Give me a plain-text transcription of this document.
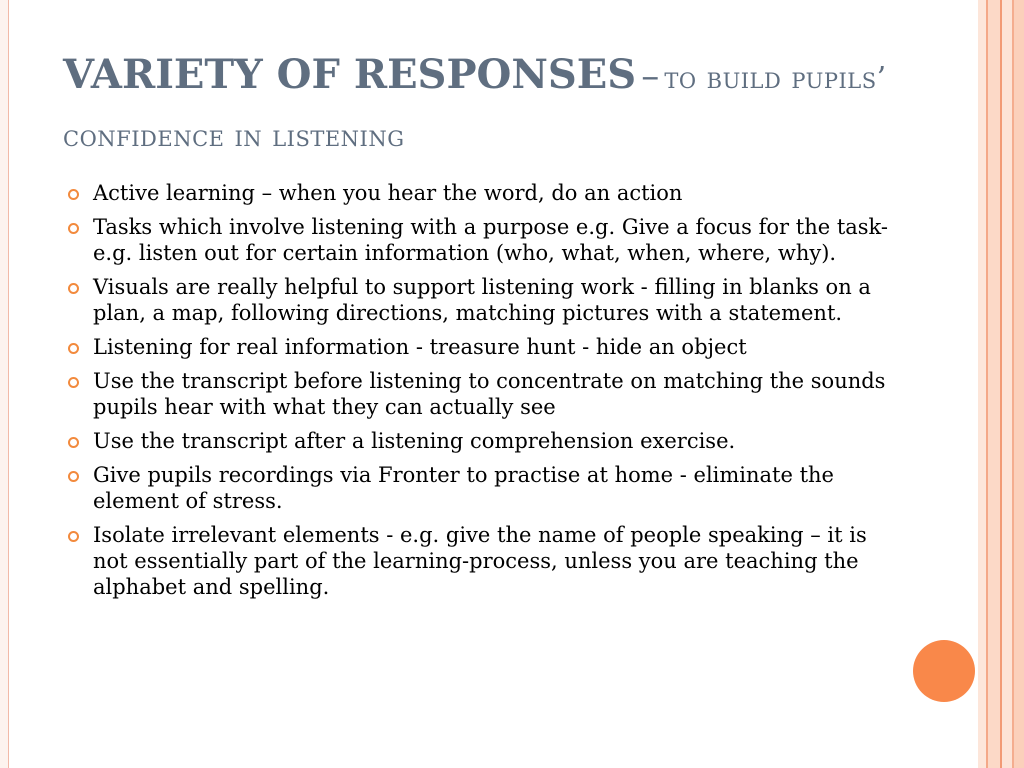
VARIETY OF RESPONSES – to build pupils’ confidence in listening
Active learning – when you hear the word, do an action
Tasks which involve listening with a purpose e.g. Give a focus for the task- e.g. listen out for certain information (who, what, when, where, why).
Visuals are really helpful to support listening work - filling in blanks on a plan, a map, following directions, matching pictures with a statement.
Listening for real information - treasure hunt - hide an object
Use the transcript before listening to concentrate on matching the sounds pupils hear with what they can actually see
Use the transcript after a listening comprehension exercise.
Give pupils recordings via Fronter to practise at home - eliminate the element of stress.
Isolate irrelevant elements - e.g. give the name of people speaking – it is not essentially part of the learning-process, unless you are teaching the alphabet and spelling.
